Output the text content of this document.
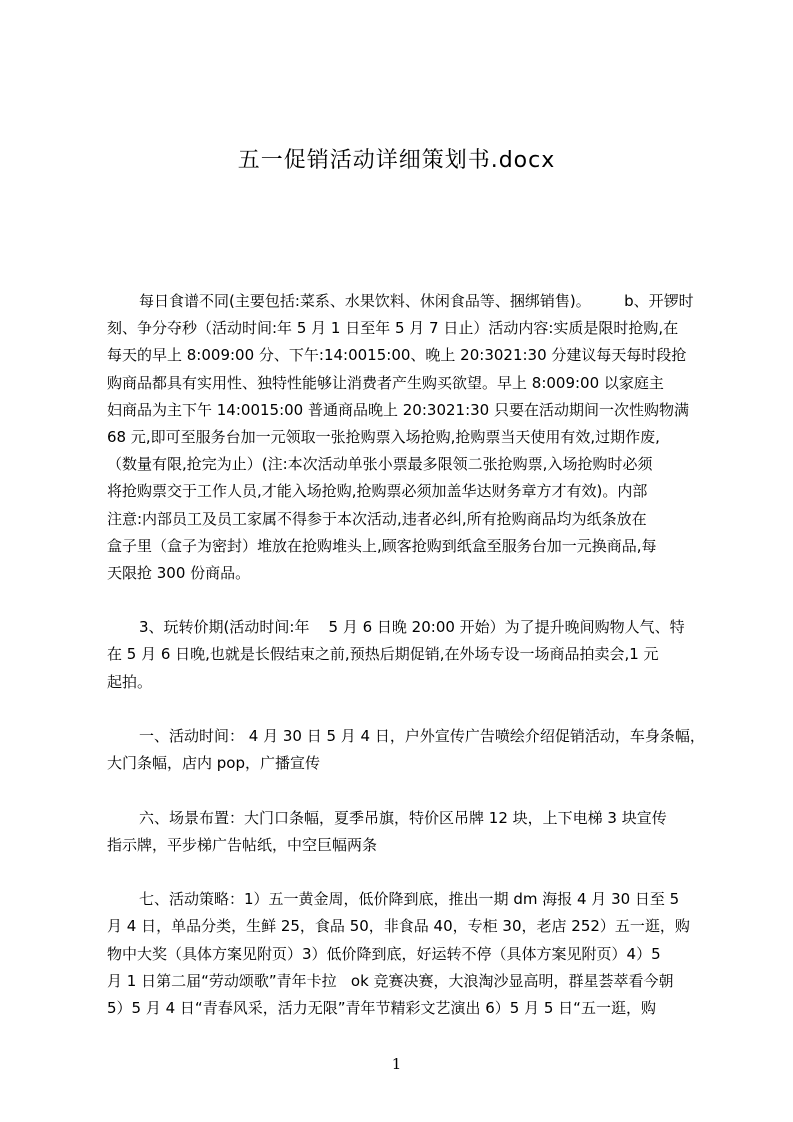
五一促销活动详细策划书.docx
每日食谱不同(主要包括:菜系、水果饮料、休闲食品等、捆绑销售)。       b、开锣时
刻、争分夺秒（活动时间:年 5 月 1 日至年 5 月 7 日止）活动内容:实质是限时抢购,在
每天的早上 8:009:00 分、下午:14:0015:00、晚上 20:3021:30 分建议每天每时段抢
购商品都具有实用性、独特性能够让消费者产生购买欲望。早上 8:009:00 以家庭主
妇商品为主下午 14:0015:00 普通商品晚上 20:3021:30 只要在活动期间一次性购物满
68 元,即可至服务台加一元领取一张抢购票入场抢购,抢购票当天使用有效,过期作废,
（数量有限,抢完为止）(注:本次活动单张小票最多限领二张抢购票,入场抢购时必须
将抢购票交于工作人员,才能入场抢购,抢购票必须加盖华达财务章方才有效)。内部
注意:内部员工及员工家属不得参于本次活动,违者必纠,所有抢购商品均为纸条放在
盒子里（盒子为密封）堆放在抢购堆头上,顾客抢购到纸盒至服务台加一元换商品,每
天限抢 300 份商品。
3、玩转价期(活动时间:年    5 月 6 日晚 20:00 开始）为了提升晚间购物人气、特
在 5 月 6 日晚,也就是长假结束之前,预热后期促销,在外场专设一场商品拍卖会,1 元
起拍。
一、活动时间： 4 月 30 日 5 月 4 日，户外宣传广告喷绘介绍促销活动，车身条幅，
大门条幅，店内 pop，广播宣传
六、场景布置：大门口条幅，夏季吊旗，特价区吊牌 12 块，上下电梯 3 块宣传
指示牌，平步梯广告帖纸，中空巨幅两条
七、活动策略：1）五一黄金周，低价降到底，推出一期 dm 海报 4 月 30 日至 5
月 4 日，单品分类，生鲜 25，食品 50，非食品 40，专柜 30，老店 252）五一逛，购
物中大奖（具体方案见附页）3）低价降到底，好运转不停（具体方案见附页）4）5
月 1 日第二届“劳动颂歌”青年卡拉   ok 竞赛决赛，大浪淘沙显高明，群星荟萃看今朝
5）5 月 4 日“青春风采，活力无限”青年节精彩文艺演出 6）5 月 5 日“五一逛，购
1
